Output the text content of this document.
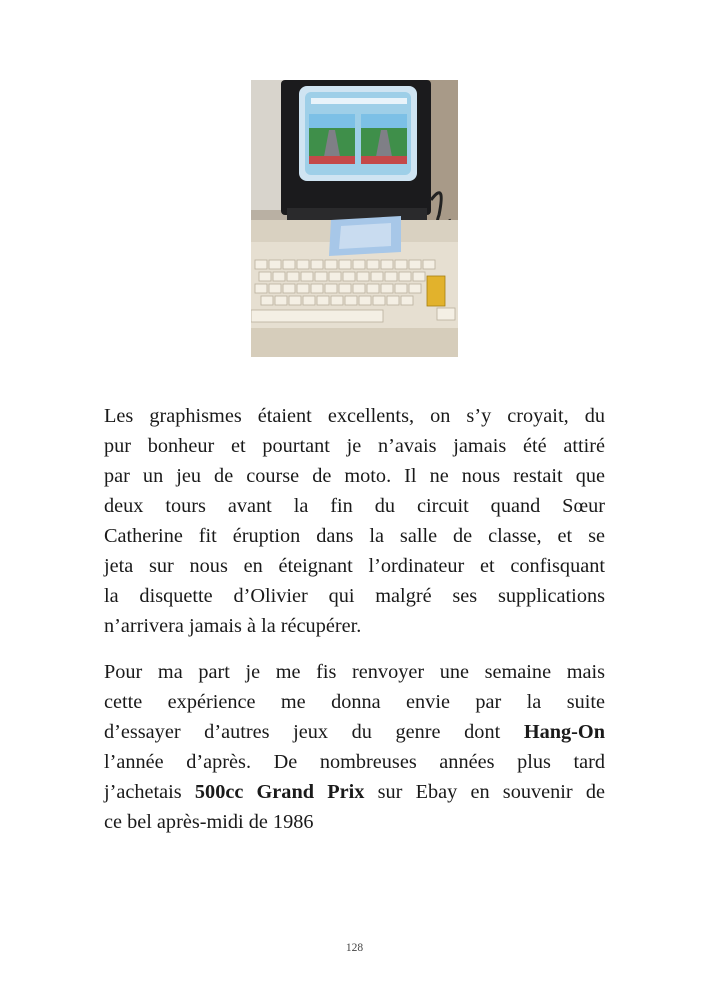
Les graphismes étaient excellents, on s’y croyait, du
pur bonheur et pourtant je n’avais jamais été attiré
par un jeu de course de moto. Il ne nous restait que
deux tours avant la fin du circuit quand Sœur
Catherine fit éruption dans la salle de classe, et se
jeta sur nous en éteignant l’ordinateur et confisquant
la disquette d’Olivier qui malgré ses supplications
n’arrivera jamais à la récupérer.
Pour ma part je me fis renvoyer une semaine mais
cette expérience me donna envie par la suite
d’essayer d’autres jeux du genre dont Hang-On
l’année d’après. De nombreuses années plus tard
j’achetais 500cc Grand Prix sur Ebay en souvenir de
ce bel après-midi de 1986
128
